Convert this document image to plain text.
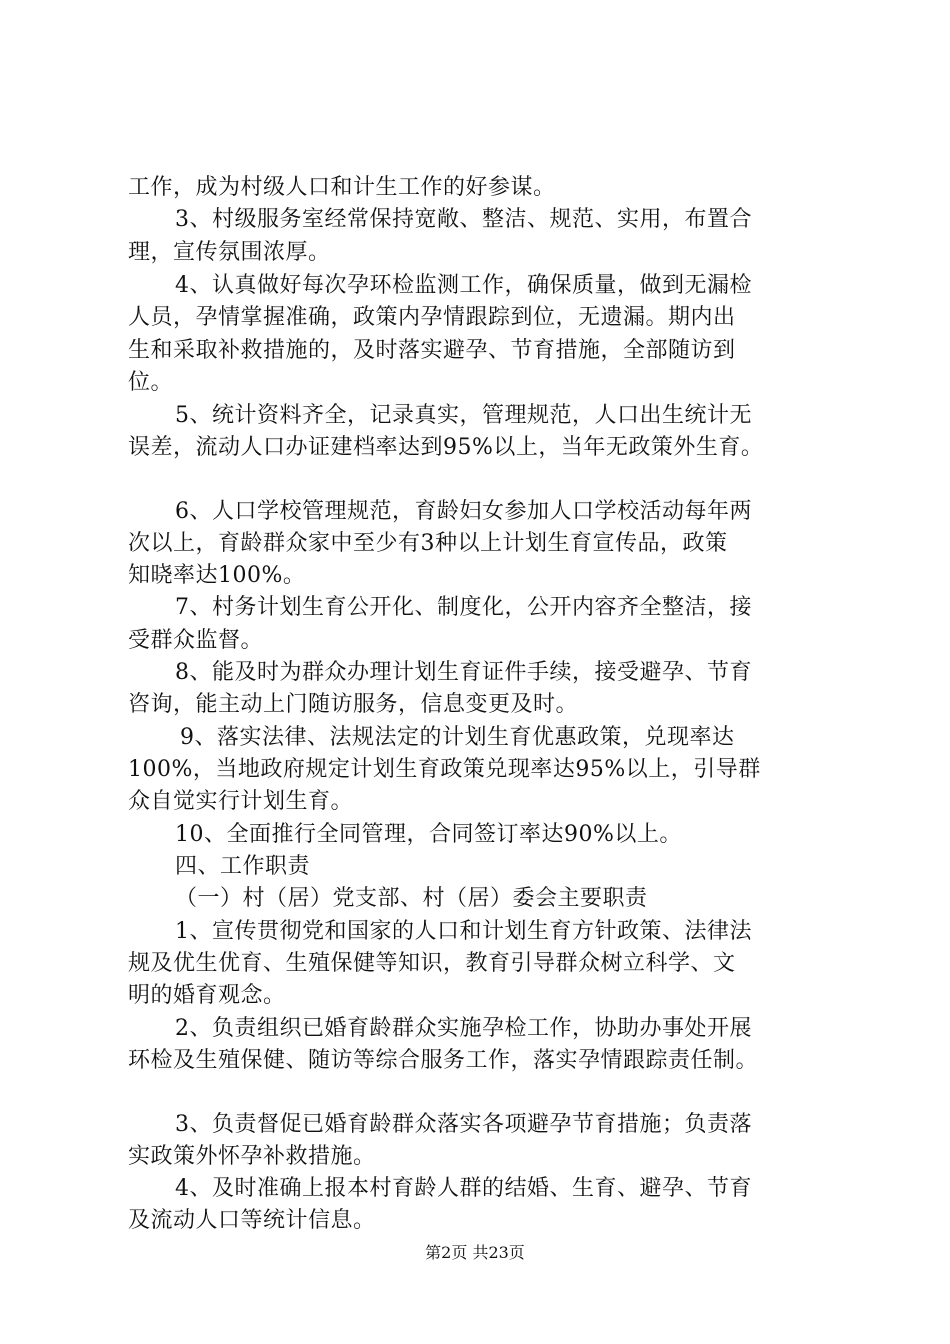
工作，成为村级人口和计生工作的好参谋。
3、村级服务室经常保持宽敞、整洁、规范、实用，布置合
理，宣传氛围浓厚。
4、认真做好每次孕环检监测工作，确保质量，做到无漏检
人员，孕情掌握准确，政策内孕情跟踪到位，无遗漏。期内出
生和采取补救措施的，及时落实避孕、节育措施，全部随访到
位。
5、统计资料齐全，记录真实，管理规范，人口出生统计无
误差，流动人口办证建档率达到95%以上，当年无政策外生育。
6、人口学校管理规范，育龄妇女参加人口学校活动每年两
次以上，育龄群众家中至少有3种以上计划生育宣传品，政策
知晓率达100%。
7、村务计划生育公开化、制度化，公开内容齐全整洁，接
受群众监督。
8、能及时为群众办理计划生育证件手续，接受避孕、节育
咨询，能主动上门随访服务，信息变更及时。
9、落实法律、法规法定的计划生育优惠政策，兑现率达
100%，当地政府规定计划生育政策兑现率达95%以上，引导群
众自觉实行计划生育。
10、全面推行全同管理，合同签订率达90%以上。
四、工作职责
（一）村（居）党支部、村（居）委会主要职责
1、宣传贯彻党和国家的人口和计划生育方针政策、法律法
规及优生优育、生殖保健等知识，教育引导群众树立科学、文
明的婚育观念。
2、负责组织已婚育龄群众实施孕检工作，协助办事处开展
环检及生殖保健、随访等综合服务工作，落实孕情跟踪责任制。
3、负责督促已婚育龄群众落实各项避孕节育措施；负责落
实政策外怀孕补救措施。
4、及时准确上报本村育龄人群的结婚、生育、避孕、节育
及流动人口等统计信息。
第2页 共23页
